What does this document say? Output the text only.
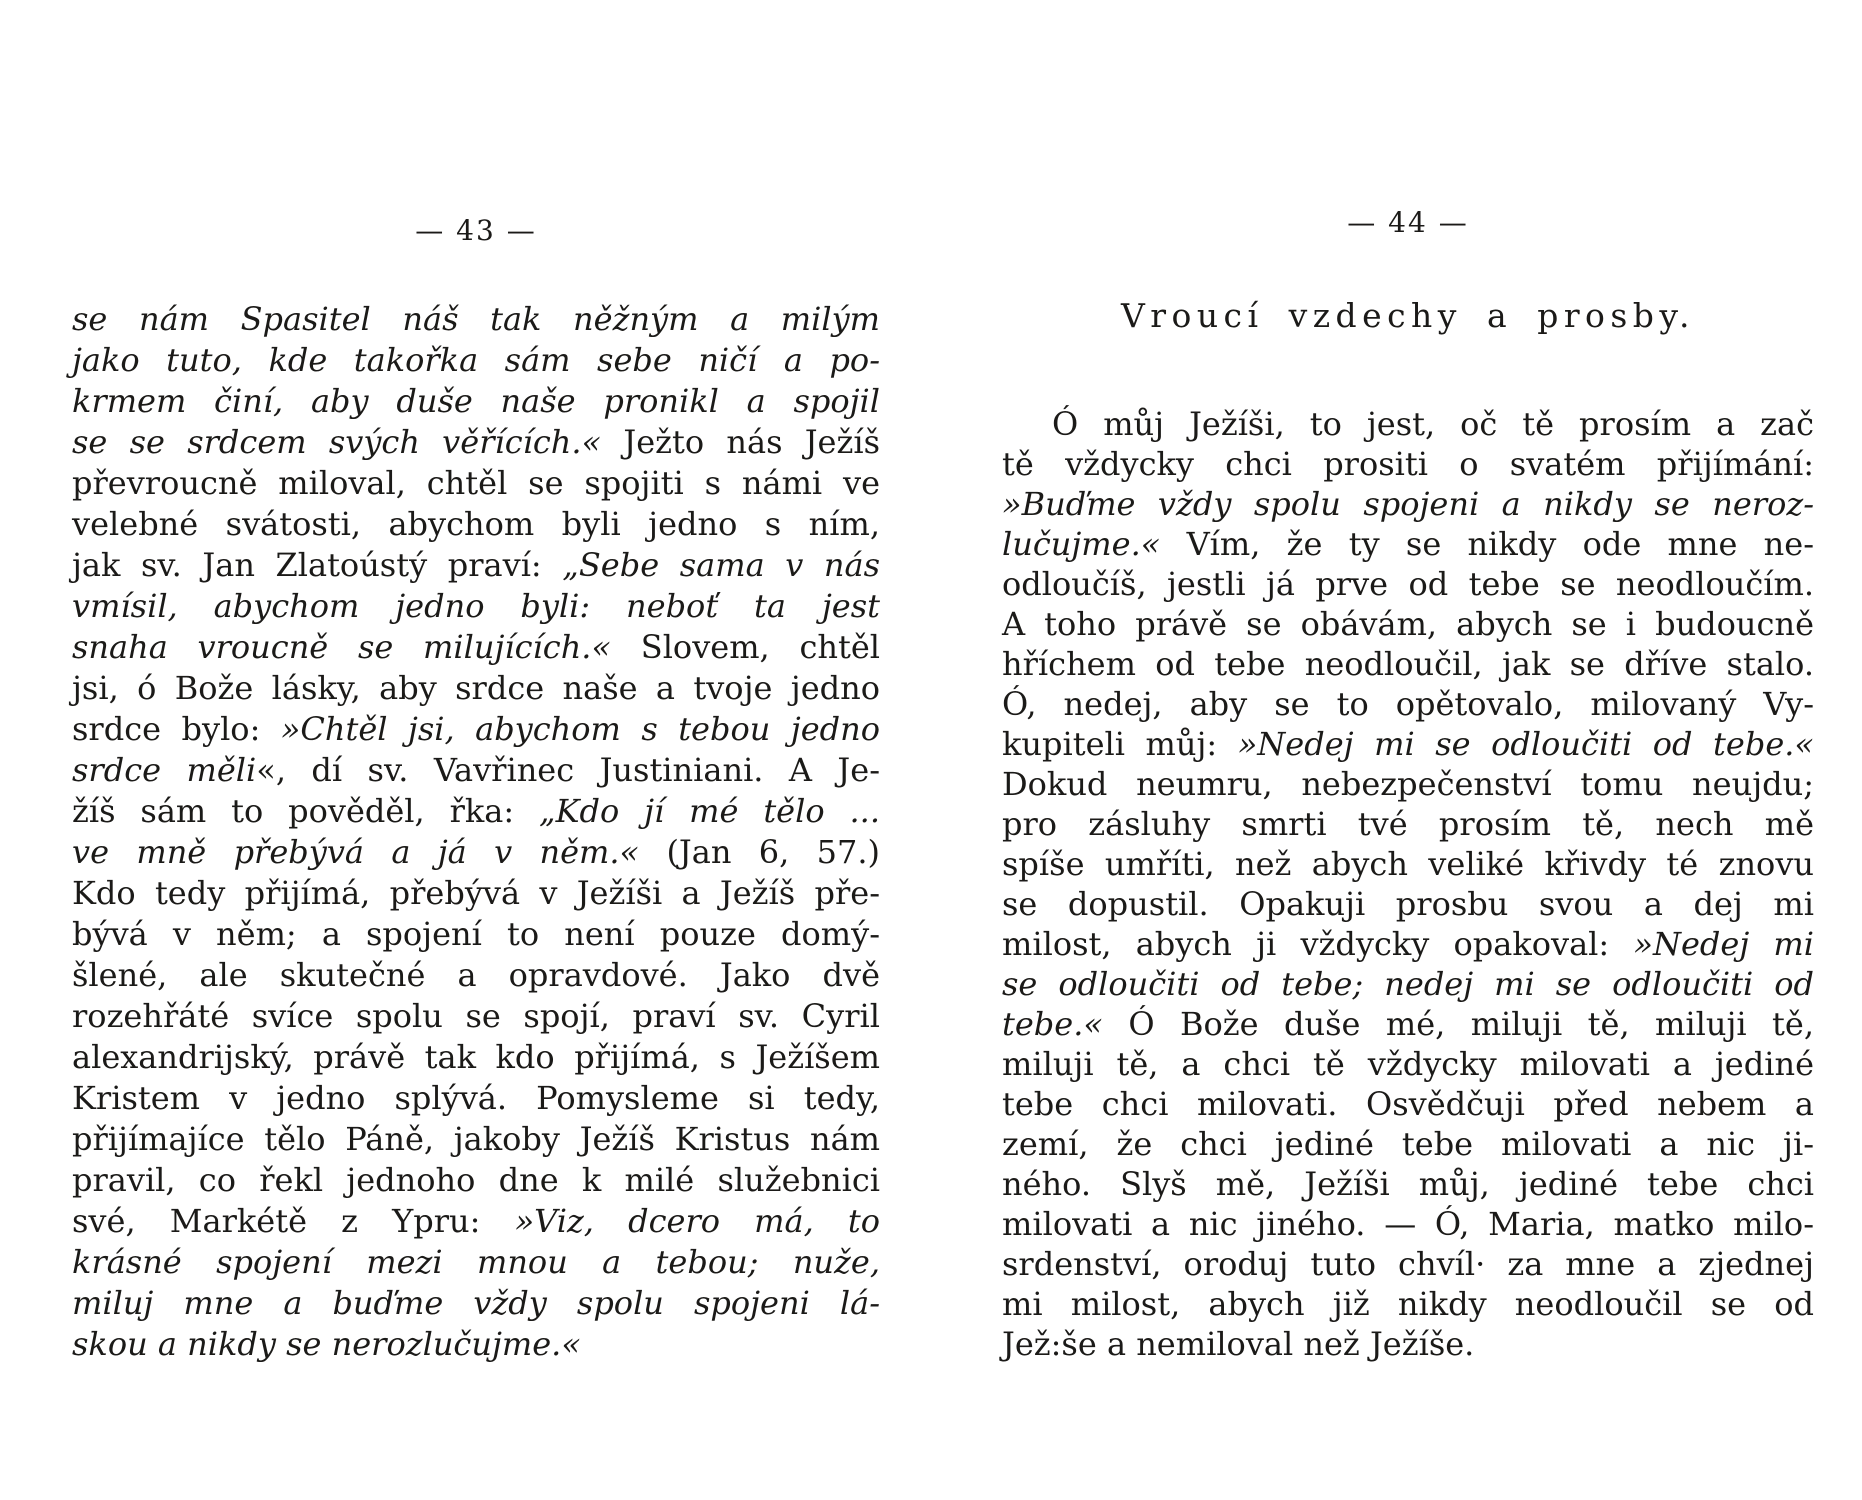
— 43 —
se nám Spasitel náš tak něžným a milým
jako tuto, kde takořka sám sebe ničí a po-
krmem činí, aby duše naše pronikl a spojil
se se srdcem svých věřících.« Ježto nás Ježíš
převroucně miloval, chtěl se spojiti s námi ve
velebné svátosti, abychom byli jedno s ním,
jak sv. Jan Zlatoústý praví: „Sebe sama v nás
vmísil, abychom jedno byli: neboť ta jest
snaha vroucně se milujících.« Slovem, chtěl
jsi, ó Bože lásky, aby srdce naše a tvoje jedno
srdce bylo: »Chtěl jsi, abychom s tebou jedno
srdce měli«, dí sv. Vavřinec Justiniani. A Je-
žíš sám to pověděl, řka: „Kdo jí mé tělo ...
ve mně přebývá a já v něm.« (Jan 6, 57.)
Kdo tedy přijímá, přebývá v Ježíši a Ježíš pře-
bývá v něm; a spojení to není pouze domý-
šlené, ale skutečné a opravdové. Jako dvě
rozehřáté svíce spolu se spojí, praví sv. Cyril
alexandrijský, právě tak kdo přijímá, s Ježíšem
Kristem v jedno splývá. Pomysleme si tedy,
přijímajíce tělo Páně, jakoby Ježíš Kristus nám
pravil, co řekl jednoho dne k milé služebnici
své, Markétě z Ypru: »Viz, dcero má, to
krásné spojení mezi mnou a tebou; nuže,
miluj mne a buďme vždy spolu spojeni lá-
skou a nikdy se nerozlučujme.«
— 44 —
Vroucí vzdechy a prosby.
Ó můj Ježíši, to jest, oč tě prosím a zač
tě vždycky chci prositi o svatém přijímání:
»Buďme vždy spolu spojeni a nikdy se neroz-
lučujme.« Vím, že ty se nikdy ode mne ne-
odloučíš, jestli já prve od tebe se neodloučím.
A toho právě se obávám, abych se i budoucně
hříchem od tebe neodloučil, jak se dříve stalo.
Ó, nedej, aby se to opětovalo, milovaný Vy-
kupiteli můj: »Nedej mi se odloučiti od tebe.«
Dokud neumru, nebezpečenství tomu neujdu;
pro zásluhy smrti tvé prosím tě, nech mě
spíše umříti, než abych veliké křivdy té znovu
se dopustil. Opakuji prosbu svou a dej mi
milost, abych ji vždycky opakoval: »Nedej mi
se odloučiti od tebe; nedej mi se odloučiti od
tebe.« Ó Bože duše mé, miluji tě, miluji tě,
miluji tě, a chci tě vždycky milovati a jediné
tebe chci milovati. Osvědčuji před nebem a
zemí, že chci jediné tebe milovati a nic ji-
ného. Slyš mě, Ježíši můj, jediné tebe chci
milovati a nic jiného. — Ó, Maria, matko milo-
srdenství, oroduj tuto chvíl· za mne a zjednej
mi milost, abych již nikdy neodloučil se od
Jež:še a nemiloval než Ježíše.
